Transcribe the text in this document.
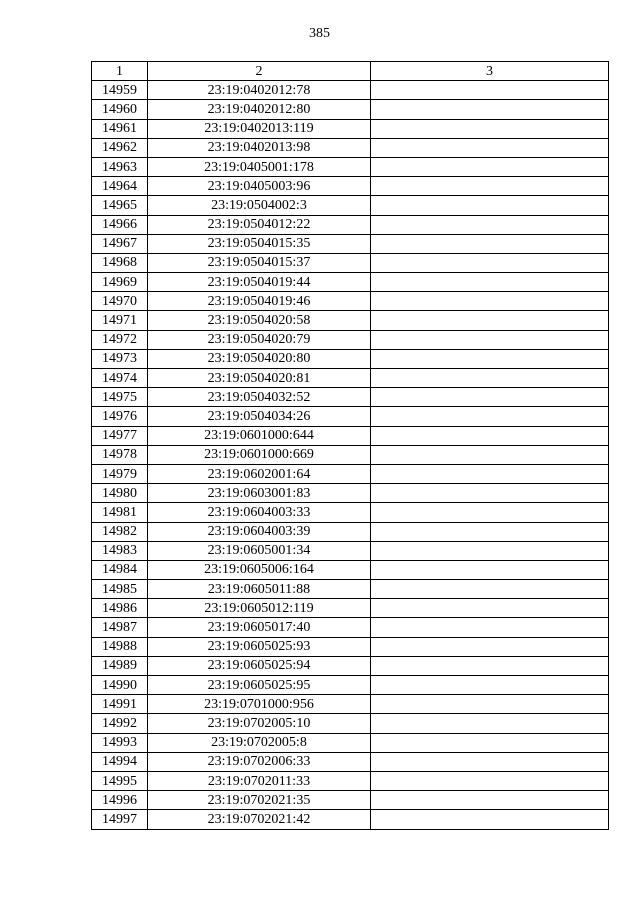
385
1	2	3
14959	23:19:0402012:78	
14960	23:19:0402012:80	
14961	23:19:0402013:119	
14962	23:19:0402013:98	
14963	23:19:0405001:178	
14964	23:19:0405003:96	
14965	23:19:0504002:3	
14966	23:19:0504012:22	
14967	23:19:0504015:35	
14968	23:19:0504015:37	
14969	23:19:0504019:44	
14970	23:19:0504019:46	
14971	23:19:0504020:58	
14972	23:19:0504020:79	
14973	23:19:0504020:80	
14974	23:19:0504020:81	
14975	23:19:0504032:52	
14976	23:19:0504034:26	
14977	23:19:0601000:644	
14978	23:19:0601000:669	
14979	23:19:0602001:64	
14980	23:19:0603001:83	
14981	23:19:0604003:33	
14982	23:19:0604003:39	
14983	23:19:0605001:34	
14984	23:19:0605006:164	
14985	23:19:0605011:88	
14986	23:19:0605012:119	
14987	23:19:0605017:40	
14988	23:19:0605025:93	
14989	23:19:0605025:94	
14990	23:19:0605025:95	
14991	23:19:0701000:956	
14992	23:19:0702005:10	
14993	23:19:0702005:8	
14994	23:19:0702006:33	
14995	23:19:0702011:33	
14996	23:19:0702021:35	
14997	23:19:0702021:42	
